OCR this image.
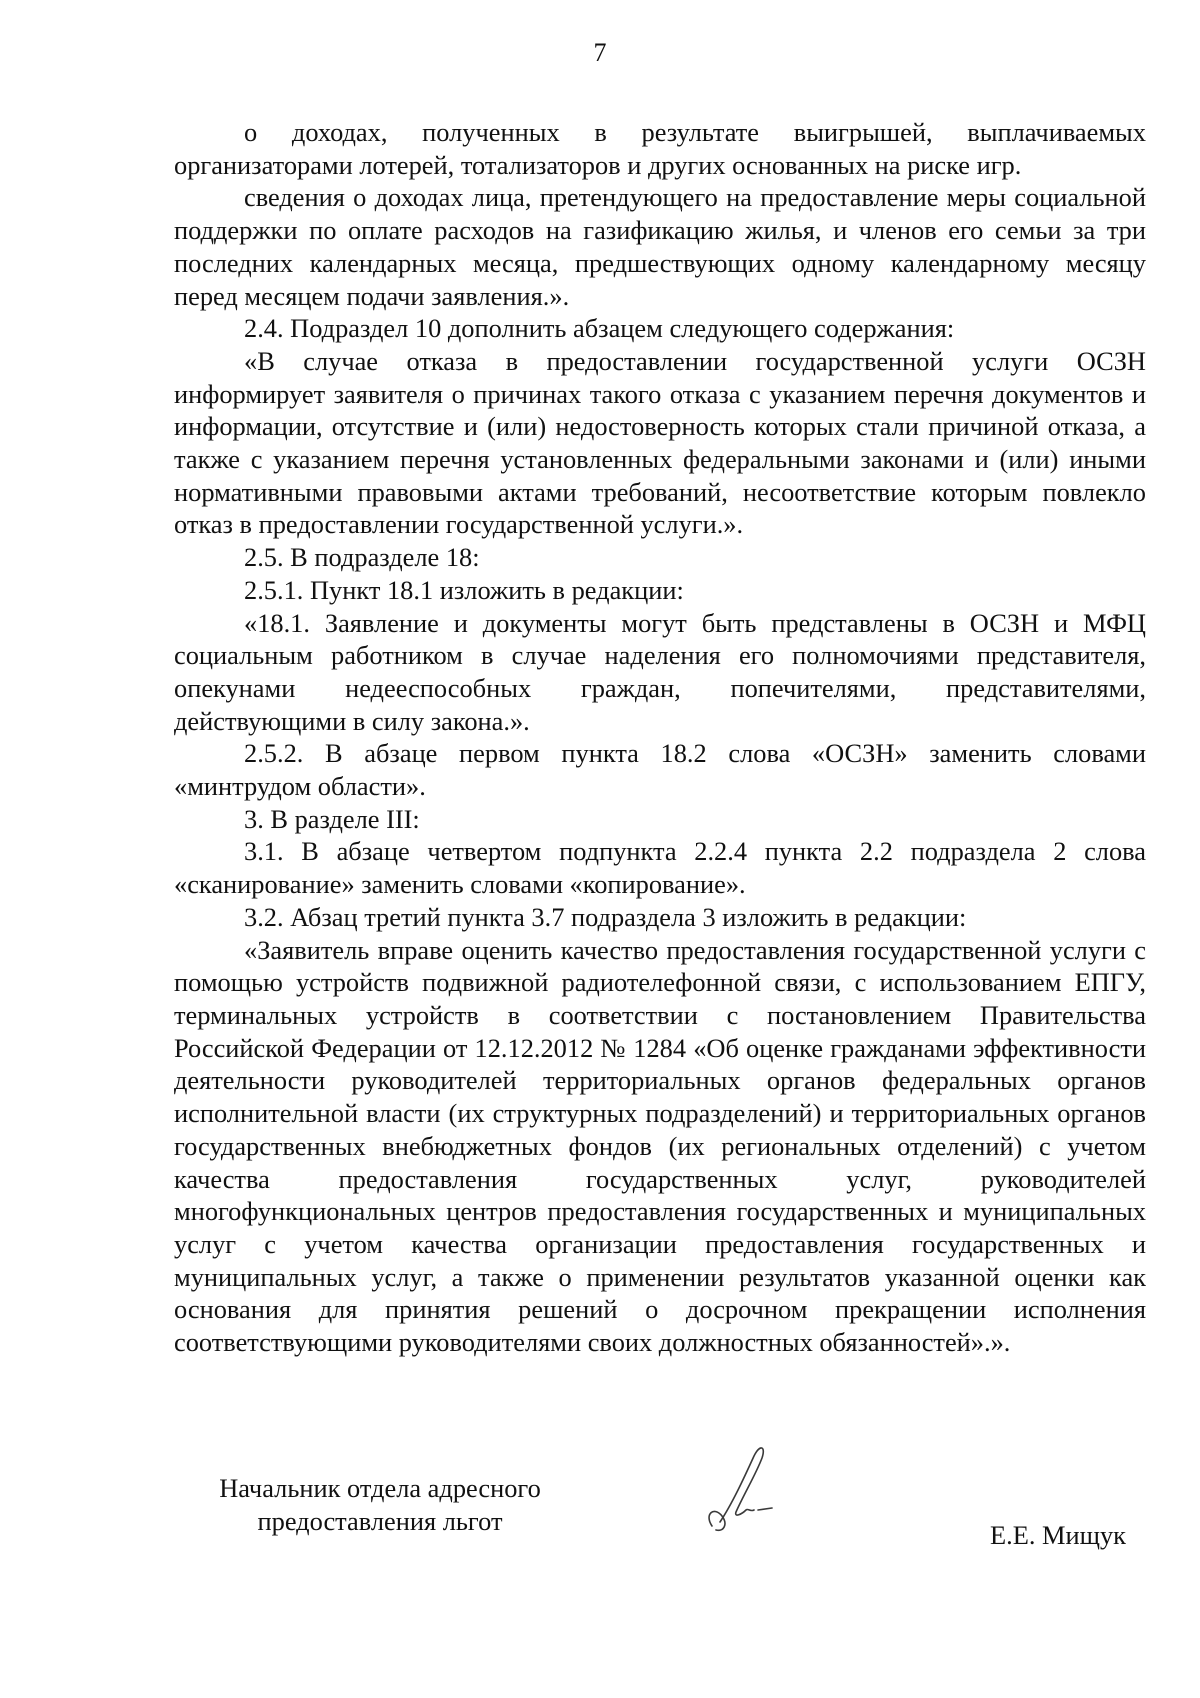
7

о доходах, полученных в результате выигрышей, выплачиваемых организаторами лотерей, тотализаторов и других основанных на риске игр.

сведения о доходах лица, претендующего на предоставление меры социальной поддержки по оплате расходов на газификацию жилья, и членов его семьи за три последних календарных месяца, предшествующих одному календарному месяцу перед месяцем подачи заявления.».

2.4. Подраздел 10 дополнить абзацем следующего содержания:

«В случае отказа в предоставлении государственной услуги ОСЗН информирует заявителя о причинах такого отказа с указанием перечня документов и информации, отсутствие и (или) недостоверность которых стали причиной отказа, а также с указанием перечня установленных федеральными законами и (или) иными нормативными правовыми актами требований, несоответствие которым повлекло отказ в предоставлении государственной услуги.».

2.5. В подразделе 18:

2.5.1. Пункт 18.1 изложить в редакции:

«18.1. Заявление и документы могут быть представлены в ОСЗН и МФЦ социальным работником в случае наделения его полномочиями представителя, опекунами недееспособных граждан, попечителями, представителями, действующими в силу закона.».

2.5.2. В абзаце первом пункта 18.2 слова «ОСЗН» заменить словами «минтрудом области».

3. В разделе III:

3.1. В абзаце четвертом подпункта 2.2.4 пункта 2.2 подраздела 2 слова «сканирование» заменить словами «копирование».

3.2. Абзац третий пункта 3.7 подраздела 3 изложить в редакции:

«Заявитель вправе оценить качество предоставления государственной услуги с помощью устройств подвижной радиотелефонной связи, с использованием ЕПГУ, терминальных устройств в соответствии с постановлением Правительства Российской Федерации от 12.12.2012 № 1284 «Об оценке гражданами эффективности деятельности руководителей территориальных органов федеральных органов исполнительной власти (их структурных подразделений) и территориальных органов государственных внебюджетных фондов (их региональных отделений) с учетом качества предоставления государственных услуг, руководителей многофункциональных центров предоставления государственных и муниципальных услуг с учетом качества организации предоставления государственных и муниципальных услуг, а также о применении результатов указанной оценки как основания для принятия решений о досрочном прекращении исполнения соответствующими руководителями своих должностных обязанностей».».

Начальник отдела адресного
предоставления льгот	Е.Е. Мищук
